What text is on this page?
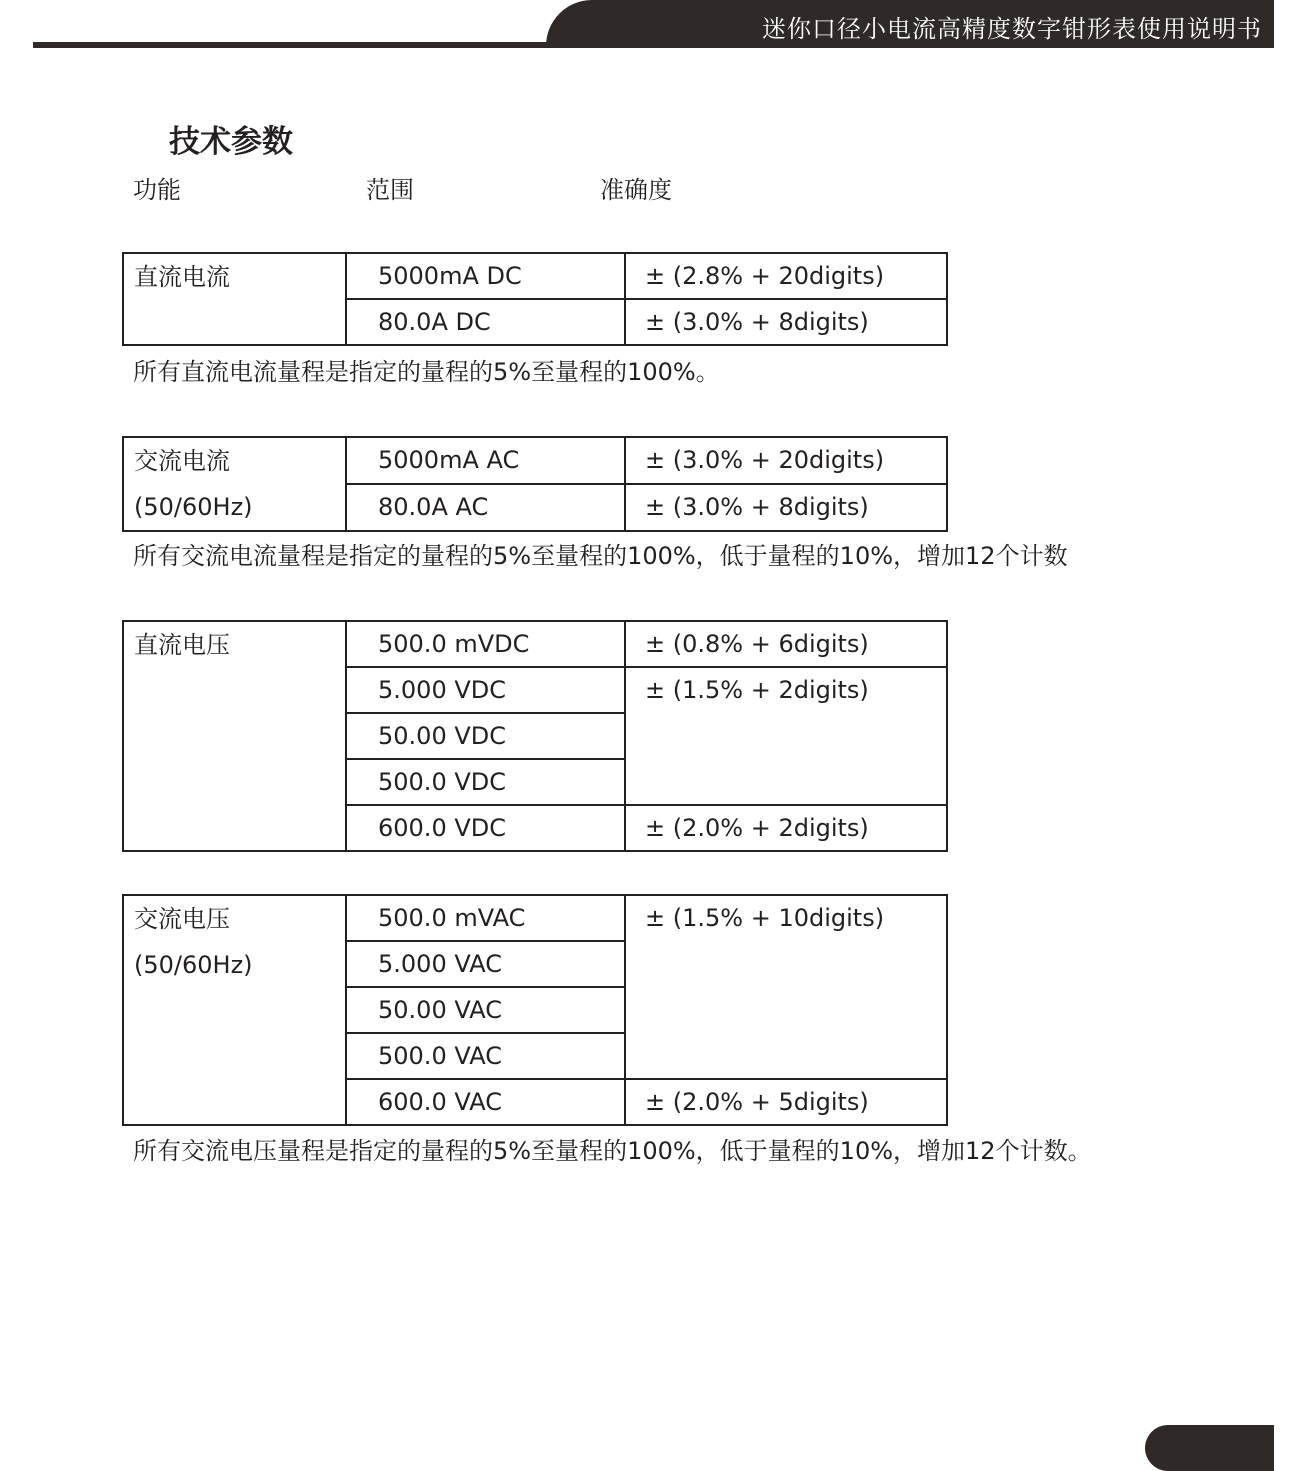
迷你口径小电流高精度数字钳形表使用说明书
技术参数
功能	范围	准确度
直流电流	5000mA DC	± (2.8% + 20digits)
	80.0A DC	± (3.0% + 8digits)
所有直流电流量程是指定的量程的5%至量程的100%。
交流电流
(50/60Hz)	5000mA AC	± (3.0% + 20digits)
	80.0A AC	± (3.0% + 8digits)
所有交流电流量程是指定的量程的5%至量程的100%，低于量程的10%，增加12个计数
直流电压	500.0 mVDC	± (0.8% + 6digits)
	5.000 VDC	± (1.5% + 2digits)
	50.00 VDC	
	500.0 VDC	
	600.0 VDC	± (2.0% + 2digits)
交流电压
(50/60Hz)	500.0 mVAC	± (1.5% + 10digits)
	5.000 VAC	
	50.00 VAC	
	500.0 VAC	
	600.0 VAC	± (2.0% + 5digits)
所有交流电压量程是指定的量程的5%至量程的100%，低于量程的10%，增加12个计数。
